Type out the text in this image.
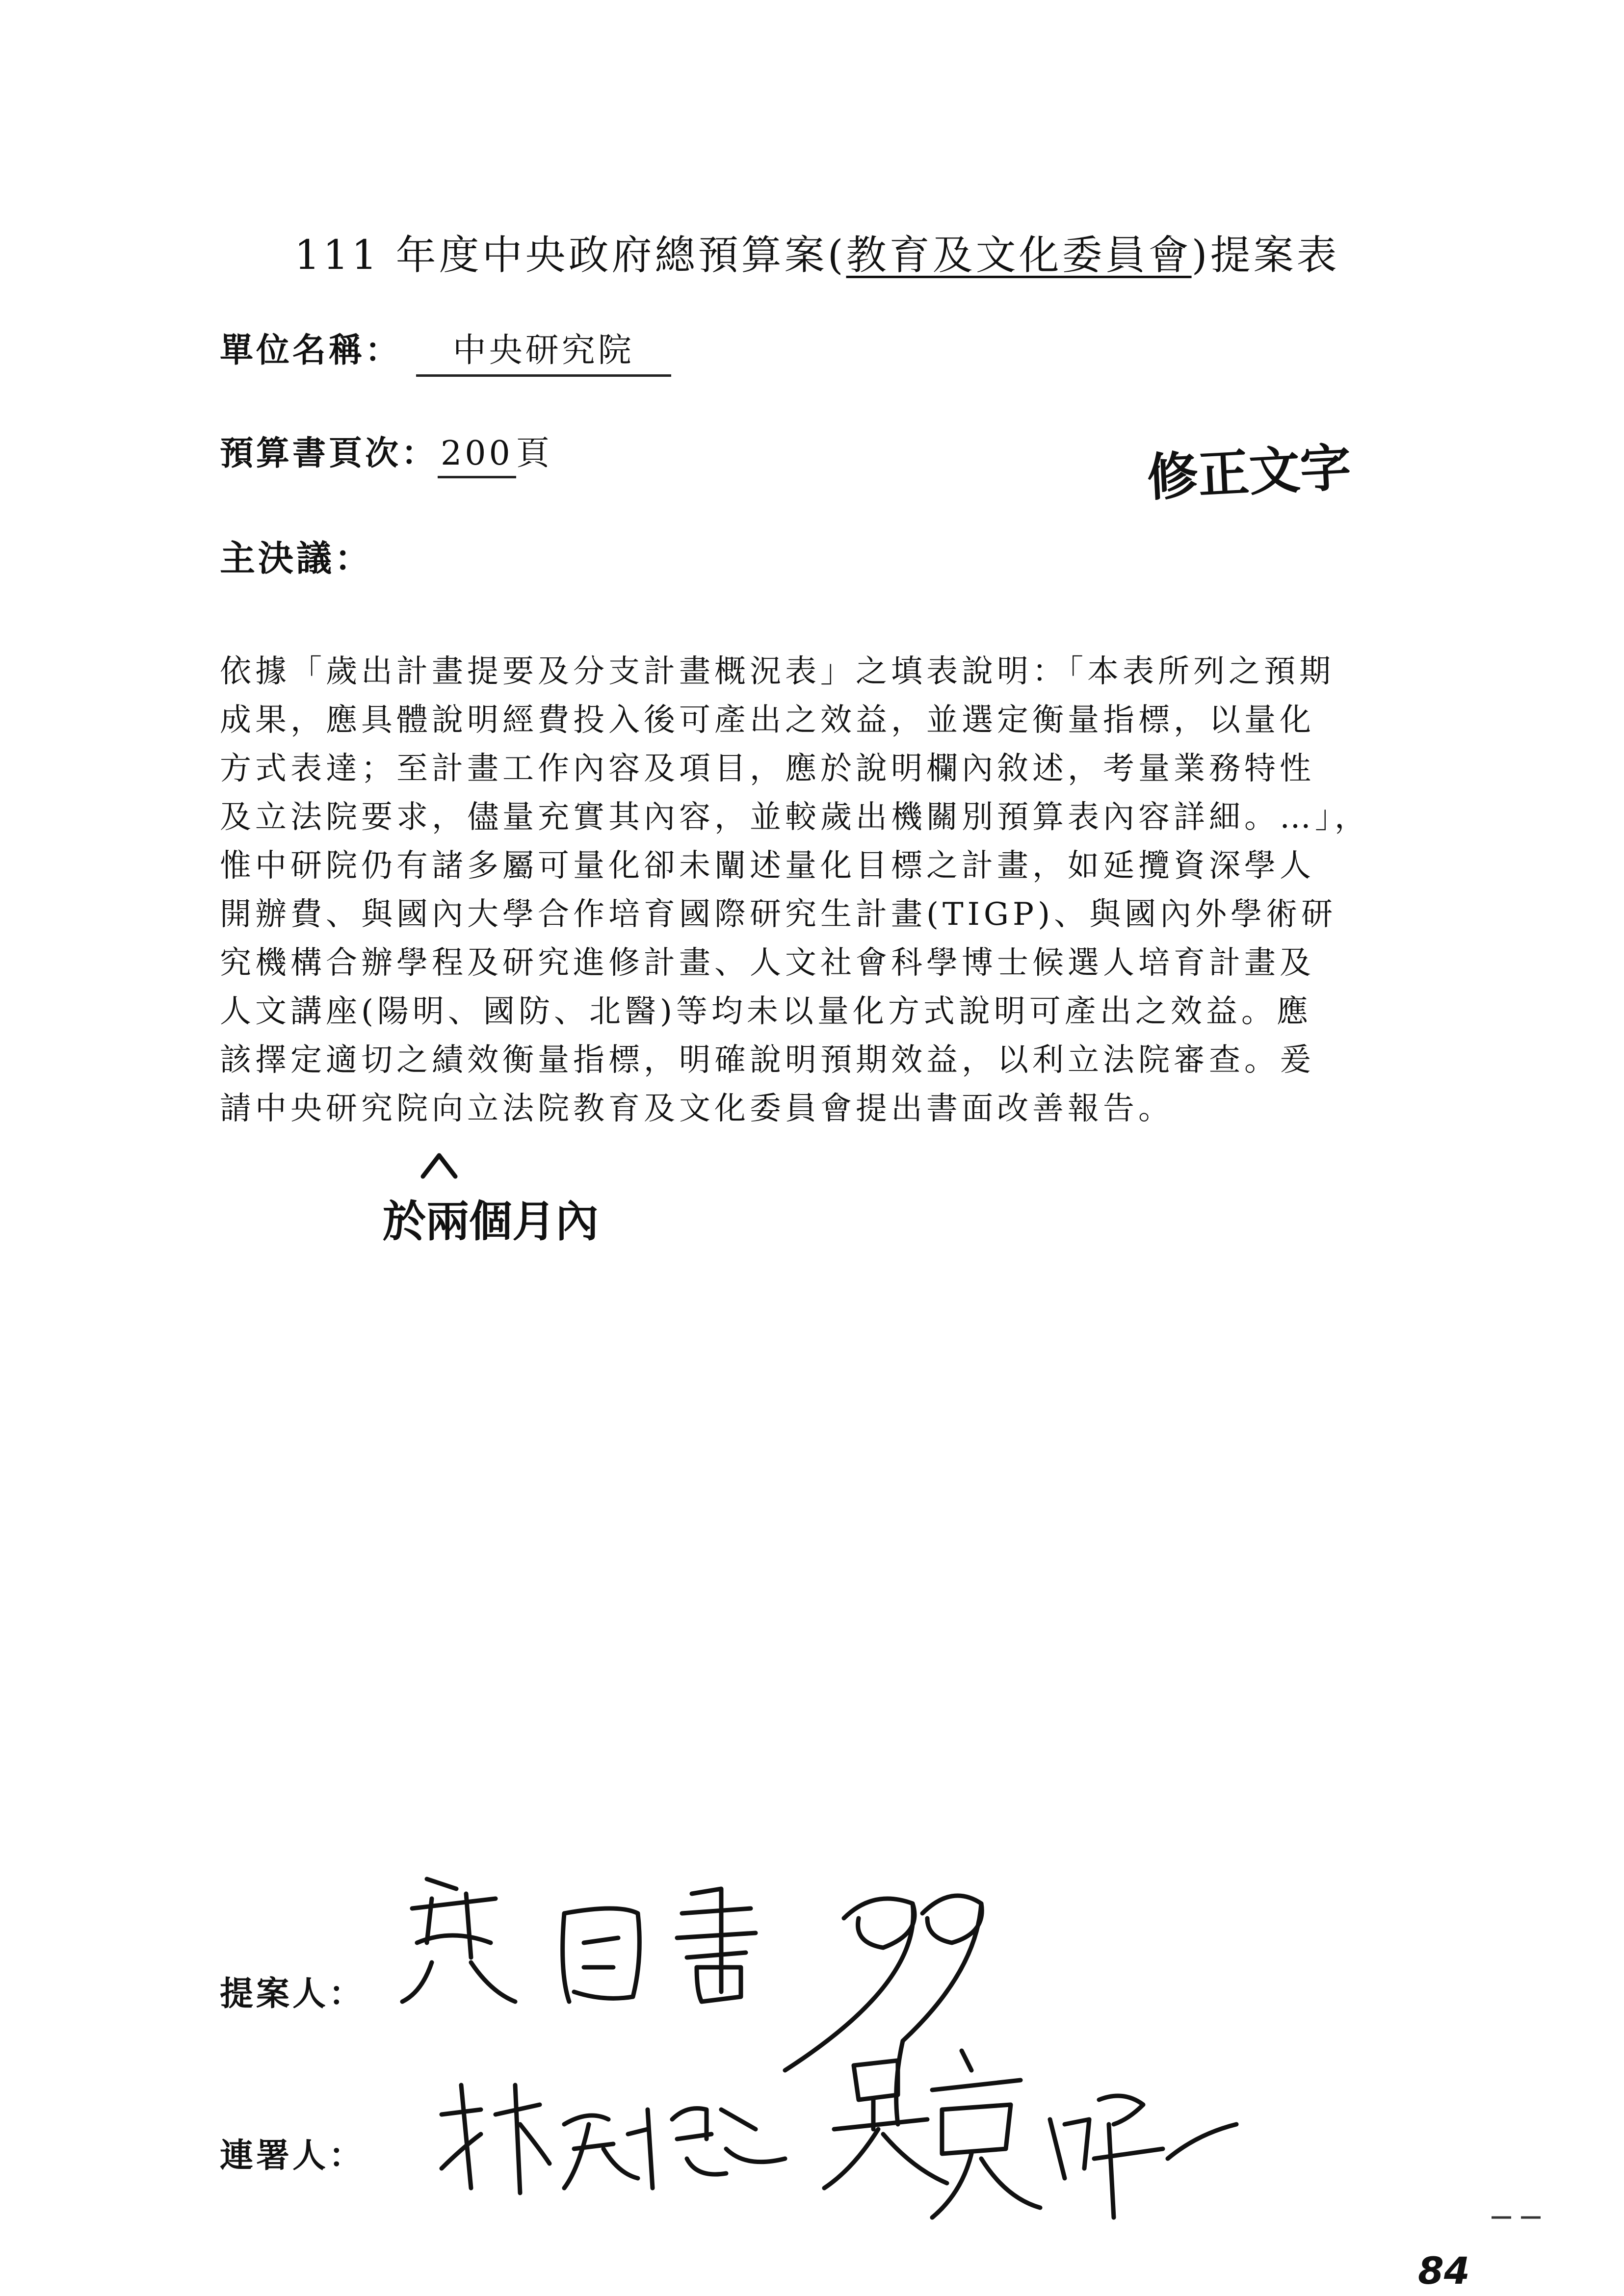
111 年度中央政府總預算案(教育及文化委員會)提案表
單位名稱： 中央研究院
預算書頁次：200頁
主決議：
依據「歲出計畫提要及分支計畫概況表」之填表說明：「本表所列之預期
成果，應具體說明經費投入後可產出之效益，並選定衡量指標，以量化
方式表達；至計畫工作內容及項目，應於說明欄內敘述，考量業務特性
及立法院要求，儘量充實其內容，並較歲出機關別預算表內容詳細。…」，
惟中研院仍有諸多屬可量化卻未闡述量化目標之計畫，如延攬資深學人
開辦費、與國內大學合作培育國際研究生計畫(TIGP)、與國內外學術研
究機構合辦學程及研究進修計畫、人文社會科學博士候選人培育計畫及
人文講座(陽明、國防、北醫)等均未以量化方式說明可產出之效益。應
該擇定適切之績效衡量指標，明確說明預期效益，以利立法院審查。爰
請中央研究院向立法院教育及文化委員會提出書面改善報告。
提案人：
連署人：
修正文字
於兩個月內
84
